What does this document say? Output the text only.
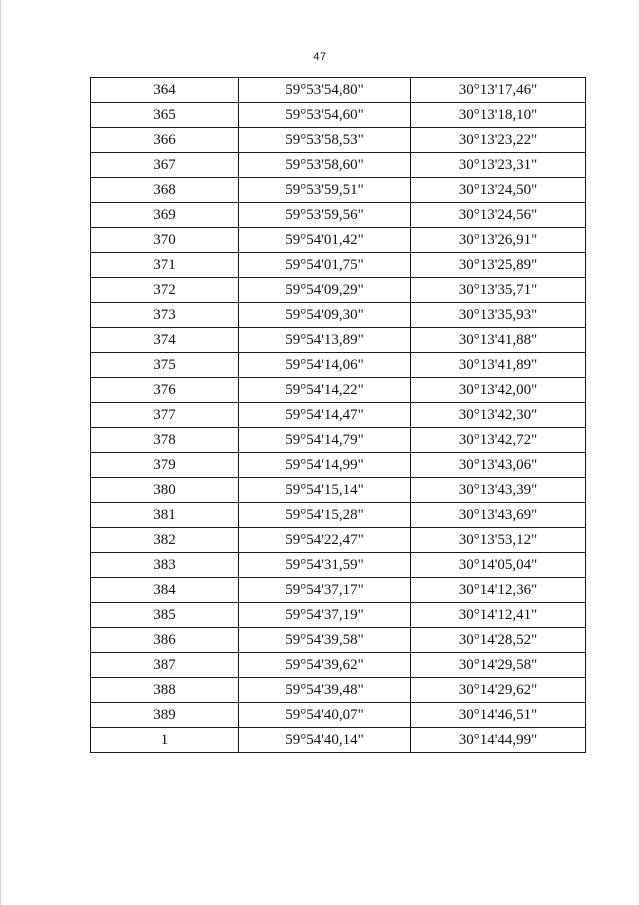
47
364	59°53'54,80"	30°13'17,46"
365	59°53'54,60"	30°13'18,10"
366	59°53'58,53"	30°13'23,22"
367	59°53'58,60"	30°13'23,31"
368	59°53'59,51"	30°13'24,50"
369	59°53'59,56"	30°13'24,56"
370	59°54'01,42"	30°13'26,91"
371	59°54'01,75"	30°13'25,89"
372	59°54'09,29"	30°13'35,71"
373	59°54'09,30"	30°13'35,93"
374	59°54'13,89"	30°13'41,88"
375	59°54'14,06"	30°13'41,89"
376	59°54'14,22"	30°13'42,00"
377	59°54'14,47"	30°13'42,30"
378	59°54'14,79"	30°13'42,72"
379	59°54'14,99"	30°13'43,06"
380	59°54'15,14"	30°13'43,39"
381	59°54'15,28"	30°13'43,69"
382	59°54'22,47"	30°13'53,12"
383	59°54'31,59"	30°14'05,04"
384	59°54'37,17"	30°14'12,36"
385	59°54'37,19"	30°14'12,41"
386	59°54'39,58"	30°14'28,52"
387	59°54'39,62"	30°14'29,58"
388	59°54'39,48"	30°14'29,62"
389	59°54'40,07"	30°14'46,51"
1	59°54'40,14"	30°14'44,99"
